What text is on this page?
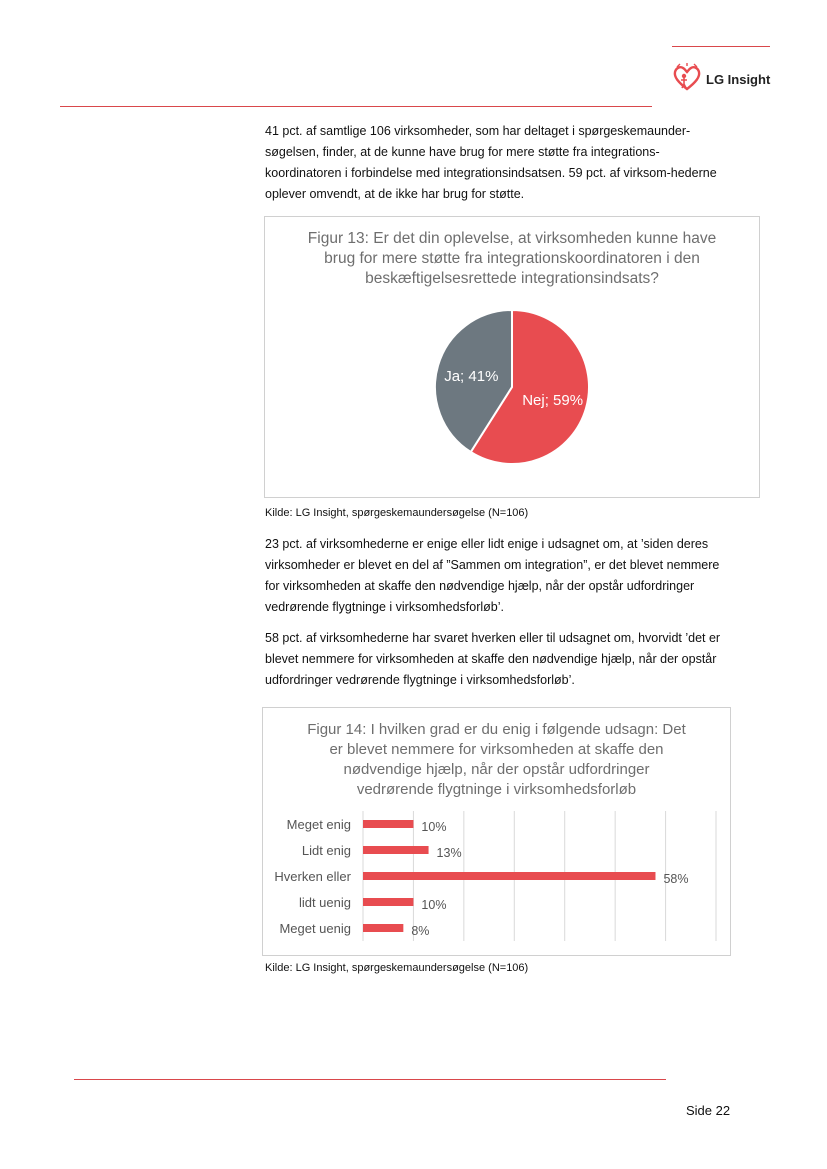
LG Insight

41 pct. af samtlige 106 virksomheder, som har deltaget i spørgeskemaunder-søgelsen, finder, at de kunne have brug for mere støtte fra integrations-koordinatoren i forbindelse med integrationsindsatsen. 59 pct. af virksom-hederne oplever omvendt, at de ikke har brug for støtte.

Figur 13: Er det din oplevelse, at virksomheden kunne have
brug for mere støtte fra integrationskoordinatoren i den
beskæftigelsesrettede integrationsindsats?
Nej; 59%
Ja; 41%
Kilde: LG Insight, spørgeskemaundersøgelse (N=106)

23 pct. af virksomhederne er enige eller lidt enige i udsagnet om, at ’siden deres virksomheder er blevet en del af ”Sammen om integration”, er det blevet nemmere for virksomheden at skaffe den nødvendige hjælp, når der opstår udfordringer vedrørende flygtninge i virksomhedsforløb’.

58 pct. af virksomhederne har svaret hverken eller til udsagnet om, hvorvidt ’det er blevet nemmere for virksomheden at skaffe den nødvendige hjælp, når der opstår udfordringer vedrørende flygtninge i virksomhedsforløb’.

Figur 14: I hvilken grad er du enig i følgende udsagn: Det
er blevet nemmere for virksomheden at skaffe den
nødvendige hjælp, når der opstår udfordringer
vedrørende flygtninge i virksomhedsforløb
Meget enig	10%
Lidt enig	13%
Hverken eller	58%
lidt uenig	10%
Meget uenig	8%
Kilde: LG Insight, spørgeskemaundersøgelse (N=106)
Side 22
